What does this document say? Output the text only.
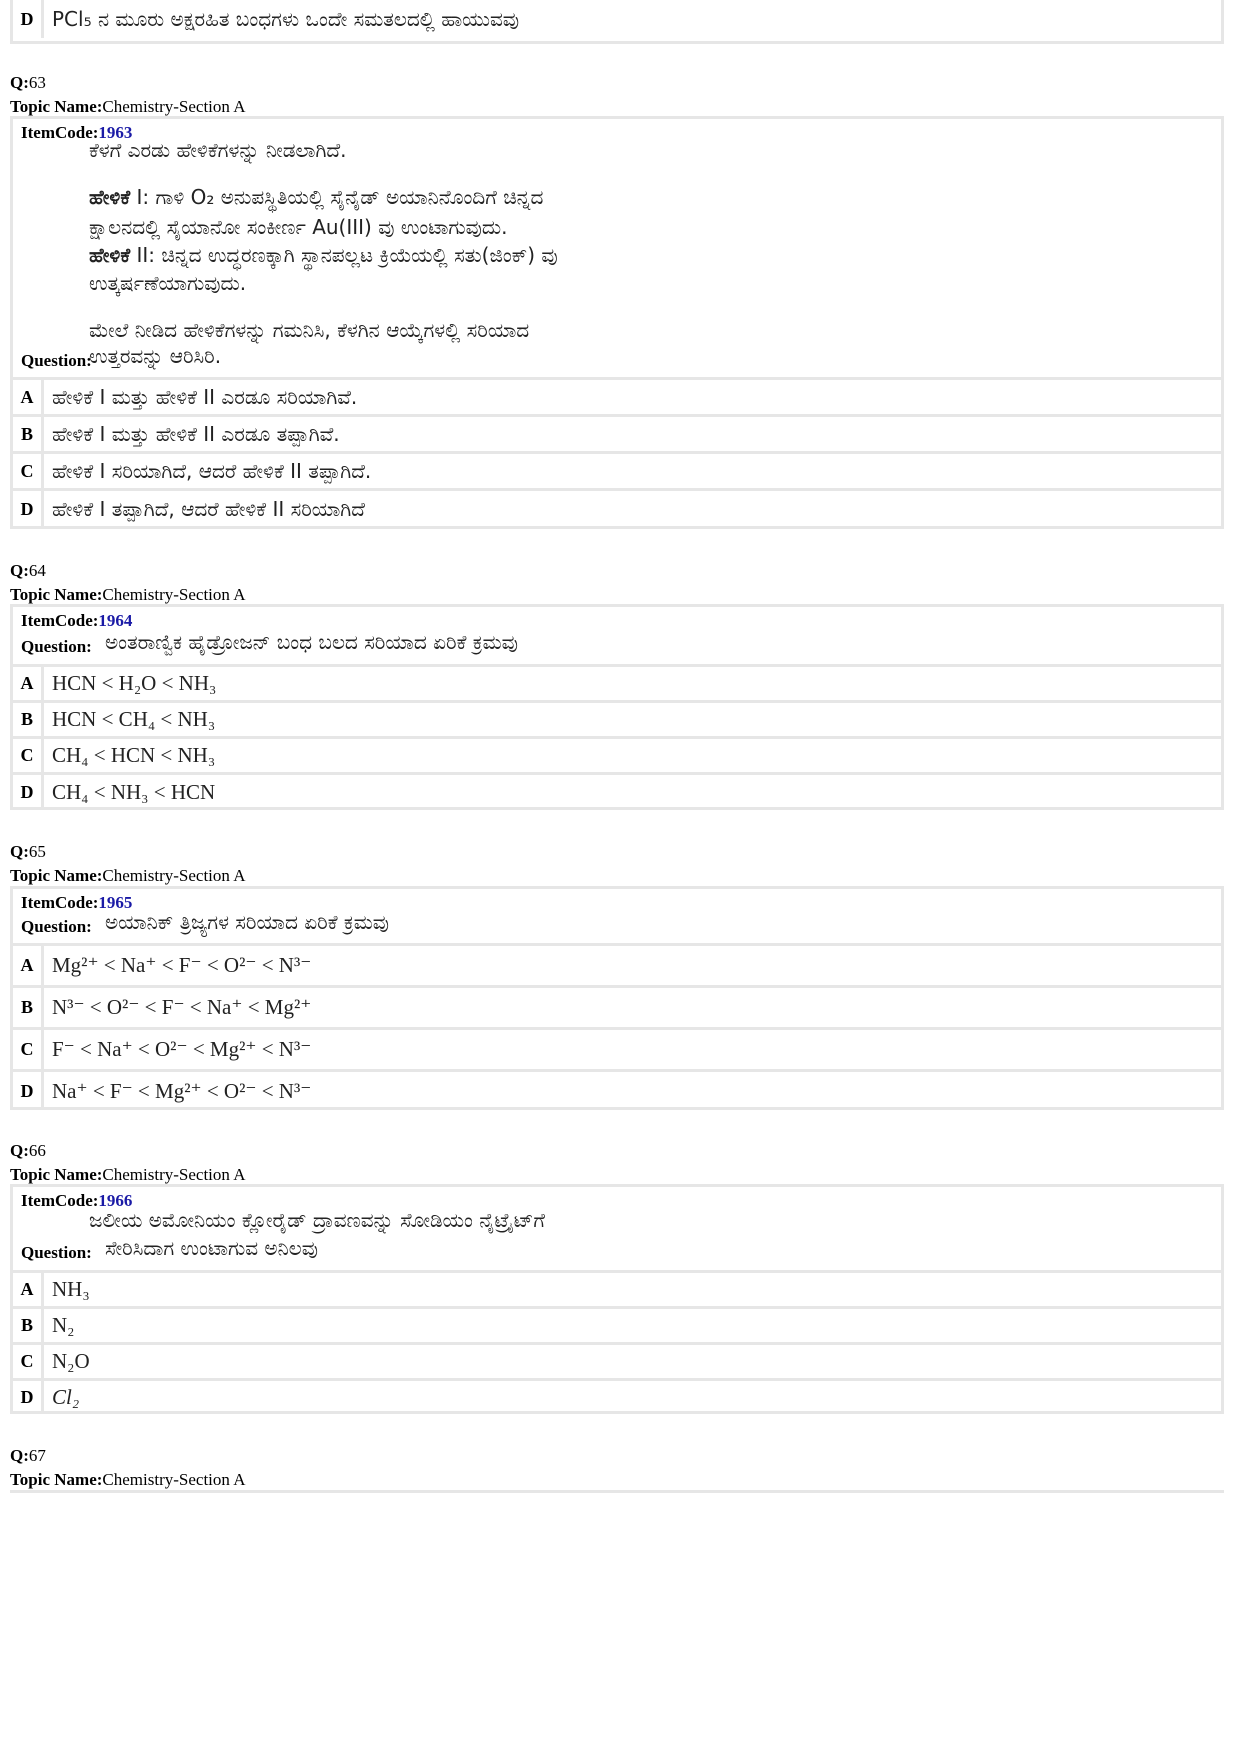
D PCl₅ ನ ಮೂರು ಅಕ್ಷರಹಿತ ಬಂಧಗಳು ಒಂದೇ ಸಮತಲದಲ್ಲಿ ಹಾಯುವವು
Q:63
Topic Name:Chemistry-Section A
ItemCode:1963
ಕೆಳಗೆ ಎರಡು ಹೇಳಿಕೆಗಳನ್ನು ನೀಡಲಾಗಿದೆ.
ಹೇಳಿಕೆ I: ಗಾಳಿ O₂ ಅನುಪಸ್ಥಿತಿಯಲ್ಲಿ ಸೈನೈಡ್ ಅಯಾನಿನೊಂದಿಗೆ ಚಿನ್ನದ
ಕ್ಷಾಲನದಲ್ಲಿ ಸೈಯಾನೋ ಸಂಕೀರ್ಣ Au(III) ವು ಉಂಟಾಗುವುದು.
ಹೇಳಿಕೆ II: ಚಿನ್ನದ ಉದ್ಧರಣಕ್ಕಾಗಿ ಸ್ಥಾನಪಲ್ಲಟ ಕ್ರಿಯೆಯಲ್ಲಿ ಸತು(ಜಿಂಕ್) ವು
ಉತ್ಕರ್ಷಣೆಯಾಗುವುದು.
ಮೇಲೆ ನೀಡಿದ ಹೇಳಿಕೆಗಳನ್ನು ಗಮನಿಸಿ, ಕೆಳಗಿನ ಆಯ್ಕೆಗಳಲ್ಲಿ ಸರಿಯಾದ
Question:
ಉತ್ತರವನ್ನು ಆರಿಸಿರಿ.
A ಹೇಳಿಕೆ I ಮತ್ತು ಹೇಳಿಕೆ II ಎರಡೂ ಸರಿಯಾಗಿವೆ.
B ಹೇಳಿಕೆ I ಮತ್ತು ಹೇಳಿಕೆ II ಎರಡೂ ತಪ್ಪಾಗಿವೆ.
C ಹೇಳಿಕೆ I ಸರಿಯಾಗಿದೆ, ಆದರೆ ಹೇಳಿಕೆ II ತಪ್ಪಾಗಿದೆ.
D ಹೇಳಿಕೆ I ತಪ್ಪಾಗಿದೆ, ಆದರೆ ಹೇಳಿಕೆ II ಸರಿಯಾಗಿದೆ
Q:64
Topic Name:Chemistry-Section A
ItemCode:1964
Question: ಅಂತರಾಣ್ವಿಕ ಹೈಡ್ರೋಜನ್ ಬಂಧ ಬಲದ ಸರಿಯಾದ ಏರಿಕೆ ಕ್ರಮವು
A HCN < H₂O < NH₃
B HCN < CH₄ < NH₃
C CH₄ < HCN < NH₃
D CH₄ < NH₃ < HCN
Q:65
Topic Name:Chemistry-Section A
ItemCode:1965
Question: ಅಯಾನಿಕ್ ತ್ರಿಜ್ಯಗಳ ಸರಿಯಾದ ಏರಿಕೆ ಕ್ರಮವು
A Mg²⁺ < Na⁺ < F⁻ < O²⁻ < N³⁻
B N³⁻ < O²⁻ < F⁻ < Na⁺ < Mg²⁺
C F⁻ < Na⁺ < O²⁻ < Mg²⁺ < N³⁻
D Na⁺ < F⁻ < Mg²⁺ < O²⁻ < N³⁻
Q:66
Topic Name:Chemistry-Section A
ItemCode:1966
ಜಲೀಯ ಅಮೋನಿಯಂ ಕ್ಲೋರೈಡ್ ದ್ರಾವಣವನ್ನು ಸೋಡಿಯಂ ನೈಟ್ರೈಟ್‌ಗೆ
Question: ಸೇರಿಸಿದಾಗ ಉಂಟಾಗುವ ಅನಿಲವು
A NH₃
B N₂
C N₂O
D Cl₂
Q:67
Topic Name:Chemistry-Section A
